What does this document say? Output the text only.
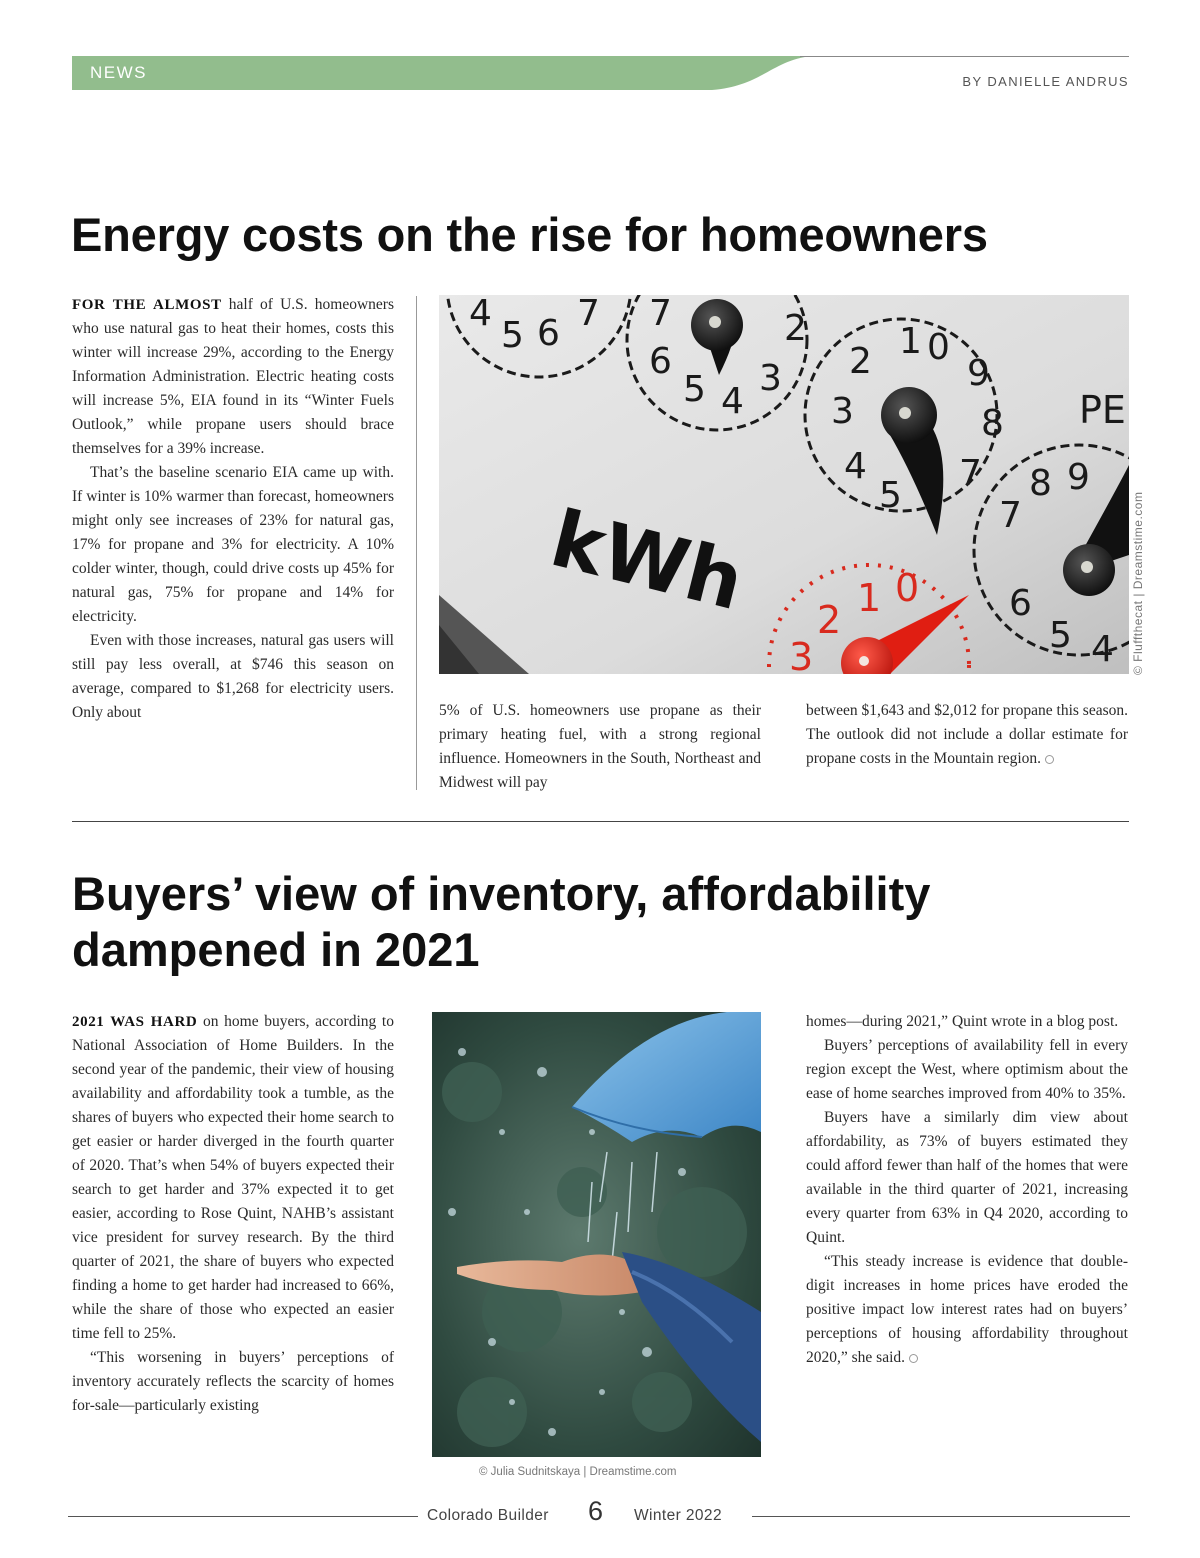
NEWS	BY DANIELLE ANDRUS
Energy costs on the rise for homeowners

FOR THE ALMOST half of U.S. homeowners who use natural gas to heat their homes, costs this winter will increase 29%, according to the Energy Information Administration. Electric heating costs will increase 5%, EIA found in its “Winter Fuels Outlook,” while propane users should brace themselves for a 39% increase.

That’s the baseline scenario EIA came up with. If winter is 10% warmer than forecast, homeowners might only see increases of 23% for natural gas, 17% for propane and 3% for electricity. A 10% colder winter, though, could drive costs up 45% for natural gas, 75% for propane and 14% for electricity.

Even with those increases, natural gas users will still pay less overall, at $746 this season on average, compared to $1,268 for electricity users. Only about

4
5 6 7 7
6
5 4
3
2
2
3
4
5
7
8
9
0
1
7
8 9
6
5 4
PE
2 1 0
3
kWh	© Fluffthecat | Dreamstime.com

5% of U.S. homeowners use propane as their primary heating fuel, with a strong regional influence. Homeowners in the South, Northeast and Midwest will pay

between $1,643 and $2,012 for propane this season. The outlook did not include a dollar estimate for propane costs in the Mountain region.

Buyers’ view of inventory, affordability dampened in 2021

2021 WAS HARD on home buyers, according to National Association of Home Builders. In the second year of the pandemic, their view of housing availability and affordability took a tumble, as the shares of buyers who expected their home search to get easier or harder diverged in the fourth quarter of 2020. That’s when 54% of buyers expected their search to get harder and 37% expected it to get easier, according to Rose Quint, NAHB’s assistant vice president for survey research. By the third quarter of 2021, the share of buyers who expected finding a home to get harder had increased to 66%, while the share of those who expected an easier time fell to 25%.

“This worsening in buyers’ perceptions of inventory accurately reflects the scarcity of homes for-sale—particularly existing

© Julia Sudnitskaya | Dreamstime.com

homes—during 2021,” Quint wrote in a blog post.

Buyers’ perceptions of availability fell in every region except the West, where optimism about the ease of home searches improved from 40% to 35%.

Buyers have a similarly dim view about affordability, as 73% of buyers estimated they could afford fewer than half of the homes that were available in the third quarter of 2021, increasing every quarter from 63% in Q4 2020, according to Quint.

“This steady increase is evidence that double-digit increases in home prices have eroded the positive impact low interest rates had on buyers’ perceptions of housing affordability throughout 2020,” she said.

Colorado Builder 6 Winter 2022
